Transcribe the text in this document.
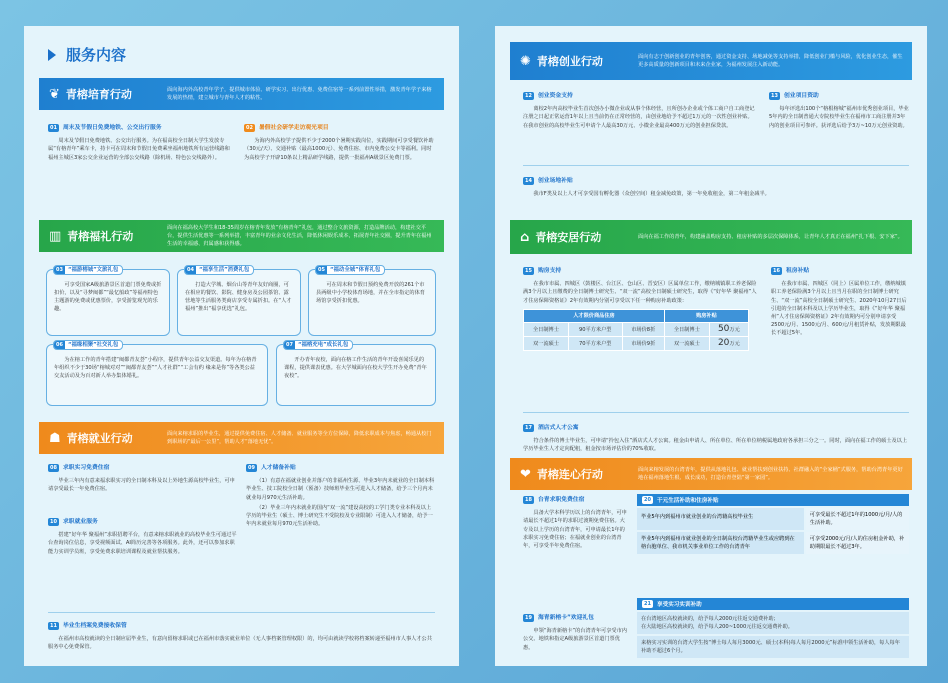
服务内容
❦ 青榕培育行动	面向海内外高校青年学子，提供城市体验、研学实习、出行优惠、免费住宿等一系列前置性举措，激发青年学子来榕发展的热情，建立城市与青年人才的粘性。
01	周末及节假日免费地铁、公交出行服务
周末及节假日免费地铁、公交出行服务。为在福高校全日制大学生发放专属“有榕青年”乘车卡，持卡可在周末和节假日免费乘坐福州地铁所有运营线路和福州主城区3家公交企业运营的全部公交线路（除机场、特色公交线路外）。
02	暑假社会研学走访观光项目
为海内外高校学子提供不少于2000个暑期实践岗位，实践期间可享受餐饮补助（30元/天）、交通补贴（最高1000元）、免费住宿、市内免费公交卡等福利。同时为高校学子开辟10条以上精品研学线路，提供一批福州A级景区免费门票。
▥ 青榕福礼行动
面向在福高校大学生和18-35周岁在榕青年发放“有榕青年”礼包，通过整合文旅资源，打造品牌活动，构建社交平台，提供生活优惠等一系列举措，丰富青年的业余文化生活，降低休闲娱乐成本，拓展青年社交圈，提升青年在福州生活的幸福感、归属感和获得感。
03 “福游榕城”文旅礼包
可享受国家A级旅游景区首道门票免费或折扣价，以及“寻梦闽都”“最忆船政”等福州特色主题游的免费或优惠票价，享受游览观光的乐趣。
04 “福享生活”消费礼包
打造大学城、烟台山等青年友好商圈，可在相应的餐饮、影院、健身房及公园茶馆、露营地等生活服务类商店享受专属折扣。在“人才福州”推出“福享优选”礼包。
05 “福动全城”体育礼包
可在周末和节假日预约免费开放的261个市县两级中小学校体育场地，并在全市指定的体育场馆享受折扣优惠。
06 “福缘相聚”社交礼包
为在榕工作的青年搭建“闽都青友荟”小程序，提供青年公益交友渠道。每年为在榕青年组织不少于30场“榕城对对”“闽都青友荟”“人才社群”“工会有约 缘来是你”等各类公益交友活动及为百对新人举办集体婚礼。
07 “福榕充电”成长礼包
开办青年夜校，面向在榕工作生活的青年开设喜闻乐见的课程，提供课表优惠。在大学城面向在校大学生开办免费“青年夜校”。
☗ 青榕就业行动	面向来榕求职的毕业生，通过提供免费住宿、人才储备、就业服务等全方位保障，降低求职成本与焦虑，畅通从校门到职场的“最后一公里”，帮助人才“落地无忧”。
08	求职实习免费住宿
毕业三年内有意来福求职实习的全日制本科及以上外地生源高校毕业生，可申请享受最长一年免费住宿。
10	求职就业服务
搭建“好年华 聚福州”求职招聘平台，有意来榕求职就业的高校毕业生可通过平台查询岗位信息，享受视频面试、AI简历完善等各项服务。此外，还可以参加求职能力实训学员班，享受免费求职培训课程及就业帮扶服务。
09	人才储备补贴
（1）有意在福就业创业并落户的非福州生源、毕业3年内未就业的全日制本科毕业生、技工院校全日制（预备）技师班毕业生可进入人才储备，给予三个月内未就业每月970元生活补助。
（2）毕业三年内未就业的国内“双一流”建设高校的工学门类专业本科及以上学历的毕业生（硕士、博士研究生不受院校及专业限制）可进入人才储备，给予一年内未就业每月970元生活补助。
11	毕业生档案免费接收保管
在福州市高校就读的全日制应届毕业生，有意向留榕求职或已在福州市落实就业单位（无人事档案管理权限）的，均可由就读学校将档案转递至福州市人事人才公共服务中心免费保管。
✺ 青榕创业行动	面向有志于创新创业的青年创客，通过资金支持、场地减免等支持举措，降低创业门槛与风险，优化创业生态，催生更多高质量的创新项目和未来企业家，为福州发展注入新动能。
12	创业资金支持
离校2年内高校毕业生首次创办小微企业或从事个体经营，且所创办企业或个体工商户自工商登记注册之日起正常运营1年以上且当前仍在正常经营的，由创业地给予不超过1万元的一次性创业补贴。在我市创业的高校毕业生可申请个人最高30万元、小微企业最高400万元的创业担保贷款。
13	创业项目资助
每年评选出100个“榕根榕城”福州市优秀创业项目，毕业5年内的全日制普通大专院校毕业生在福州市工商注册并3年内的创业项目可参评。获评选后给予3万~10万元创业资助。
14	创业场地补贴
我市F类及以上人才可享受国有孵化器（众创空间）租金减免政策，第一年免收租金，第二年租金减半。
⌂ 青榕安居行动	面向在福工作的青年，构建涵盖购房支持、租房补贴的多层次保障体系，让青年人才真正在福州“扎下根、安下家”。
15	购房支持
在我市市属、四城区（鼓楼区、台江区、仓山区、晋安区）区属单位工作，缴纳城镇职工养老保险满3个月以上且缴费的全日制博士研究生、“双一流”高校全日制硕士研究生，取得《“好年华 聚福州”人才住房保障资格证》2年有效期内分别可享受以下任一种购房补助政策：
人才限价商品住房			购房补贴	
全日制博士	90平方米户型	市场价8折	全日制博士	50万元
双一流硕士	70平方米户型	市场价9折	双一流硕士	20万元
16	租房补贴
在我市市属、四城区（同上）区属单位工作，缴纳城镇职工养老保险满3个月以上且当月在职的全日制博士研究生、“双一流”高校全日制硕士研究生、2020年10月27日后引进的全日制本科及以上学历毕业生，取得《“好年华 聚福州”人才住房保障资格证》2年有效期内可分别申请享受2500元/月、1500元/月、600元/月租赁补贴，发放期限最长不超过5年。
17	酒店式人才公寓
符合条件的博士毕业生，可申请“拎包入住”酒店式人才公寓。租金由申请人、所在单位、所在单位纳税属地政府各承担三分之一。同时，面向在福工作的硕士及以上学历毕业生人才定向配租，租金按市场评估价的70%收取。
❤ 青榕连心行动	面向来榕发展的台湾青年，提供从落地礼包、就业帮扶到创业扶持、社群融入的“全家桶”式服务，帮助台湾青年更好地在福州落地生根、成长成功，打造台青登陆“第一家园”。
18	台青求职免费住宿
具备大学本科学历以上的台湾青年，可申请最长不超过1年的求职过渡期免费住宿。大专及以上学历的台湾青年，可申请最长1年的求职实习免费住宿；在福就业创业的台湾青年，可享受半年免费住宿。
19	海青新榕卡”欢迎礼包
申领“海青新榕卡”的台湾青年可享受市内公交、地铁和指定A级旅游景区首道门票优惠。
20	干元生活补助和住房补贴
毕业5年内到福州市就业创业的台湾籍高校毕业生	可享受最长不超过1年的1000元/月/人的生活补助。
毕业5年内到福州市就业创业的全日制高校台湾籍毕业生或应聘到在榕台胞单位、我市机关事业单位工作的台湾青年
可享受2000元/月/人的住房租金补助，补助期限最长不超过3年。
21	享受实习实训补助
在台湾地区高校就读的，给予每人2000元往返交通费补助；
在大陆地区高校就读的，给予每人200~1000元往返交通费补助。
来榕实习实训的台湾大学生按“博士每人每月3000元、硕士(本科)每人每月2000元”标准申领生活补助，每人每年补助不超过6个月。
